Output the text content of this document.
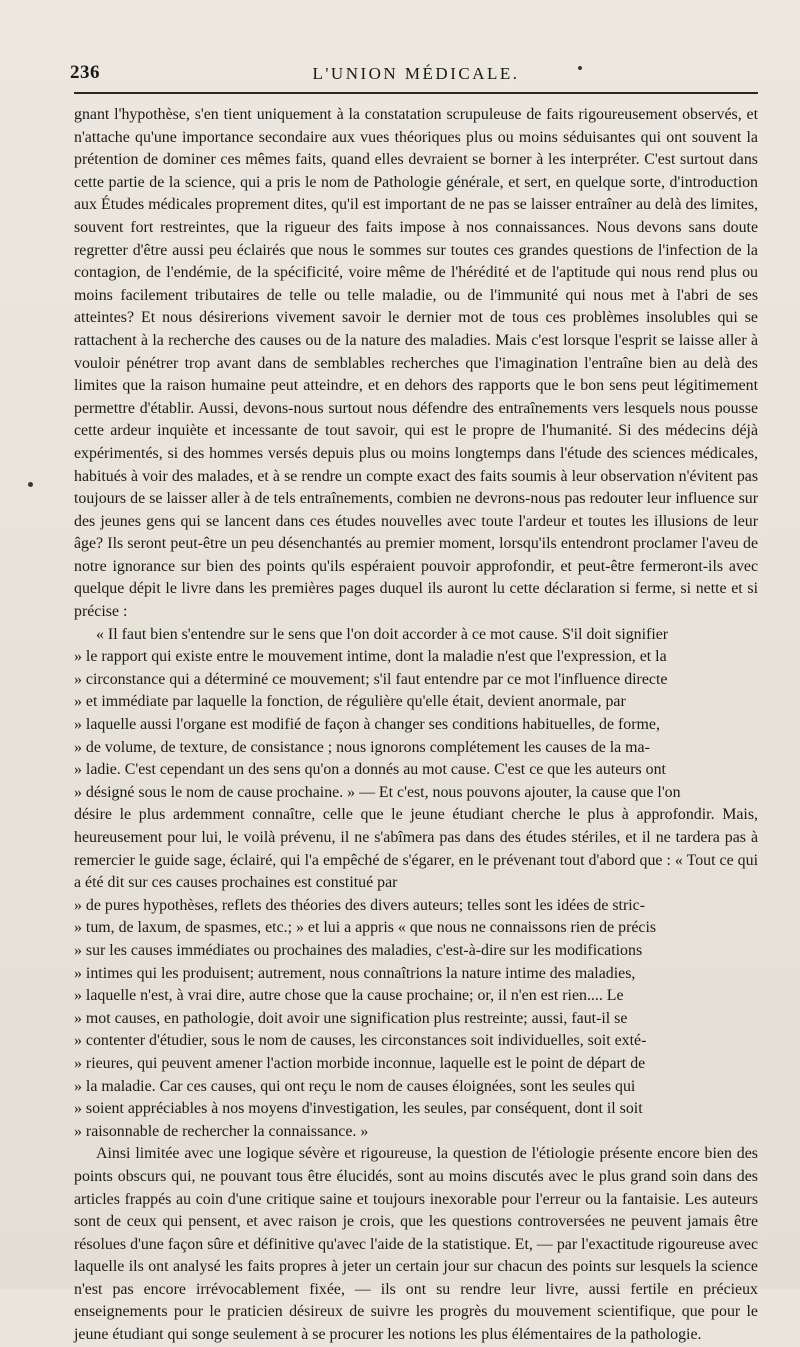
236	L'UNION MÉDICALE.

gnant l'hypothèse, s'en tient uniquement à la constatation scrupuleuse de faits rigoureusement observés, et n'attache qu'une importance secondaire aux vues théoriques plus ou moins séduisantes qui ont souvent la prétention de dominer ces mêmes faits, quand elles devraient se borner à les interpréter. C'est surtout dans cette partie de la science, qui a pris le nom de Pathologie générale, et sert, en quelque sorte, d'introduction aux Études médicales proprement dites, qu'il est important de ne pas se laisser entraîner au delà des limites, souvent fort restreintes, que la rigueur des faits impose à nos connaissances. Nous devons sans doute regretter d'être aussi peu éclairés que nous le sommes sur toutes ces grandes questions de l'infection de la contagion, de l'endémie, de la spécificité, voire même de l'hérédité et de l'aptitude qui nous rend plus ou moins facilement tributaires de telle ou telle maladie, ou de l'immunité qui nous met à l'abri de ses atteintes? Et nous désirerions vivement savoir le dernier mot de tous ces problèmes insolubles qui se rattachent à la recherche des causes ou de la nature des maladies. Mais c'est lorsque l'esprit se laisse aller à vouloir pénétrer trop avant dans de semblables recherches que l'imagination l'entraîne bien au delà des limites que la raison humaine peut atteindre, et en dehors des rapports que le bon sens peut légitimement permettre d'établir. Aussi, devons-nous surtout nous défendre des entraînements vers lesquels nous pousse cette ardeur inquiète et incessante de tout savoir, qui est le propre de l'humanité. Si des médecins déjà expérimentés, si des hommes versés depuis plus ou moins longtemps dans l'étude des sciences médicales, habitués à voir des malades, et à se rendre un compte exact des faits soumis à leur observation n'évitent pas toujours de se laisser aller à de tels entraînements, combien ne devrons-nous pas redouter leur influence sur des jeunes gens qui se lancent dans ces études nouvelles avec toute l'ardeur et toutes les illusions de leur âge? Ils seront peut-être un peu désenchantés au premier moment, lorsqu'ils entendront proclamer l'aveu de notre ignorance sur bien des points qu'ils espéraient pouvoir approfondir, et peut-être fermeront-ils avec quelque dépit le livre dans les premières pages duquel ils auront lu cette déclaration si ferme, si nette et si précise :

« Il faut bien s'entendre sur le sens que l'on doit accorder à ce mot cause. S'il doit signifier
» le rapport qui existe entre le mouvement intime, dont la maladie n'est que l'expression, et la
» circonstance qui a déterminé ce mouvement; s'il faut entendre par ce mot l'influence directe
» et immédiate par laquelle la fonction, de régulière qu'elle était, devient anormale, par
» laquelle aussi l'organe est modifié de façon à changer ses conditions habituelles, de forme,
» de volume, de texture, de consistance ; nous ignorons complétement les causes de la ma-
» ladie. C'est cependant un des sens qu'on a donnés au mot cause. C'est ce que les auteurs ont
» désigné sous le nom de cause prochaine. » — Et c'est, nous pouvons ajouter, la cause que l'on

désire le plus ardemment connaître, celle que le jeune étudiant cherche le plus à approfondir. Mais, heureusement pour lui, le voilà prévenu, il ne s'abîmera pas dans des études stériles, et il ne tardera pas à remercier le guide sage, éclairé, qui l'a empêché de s'égarer, en le prévenant tout d'abord que : « Tout ce qui a été dit sur ces causes prochaines est constitué par

» de pures hypothèses, reflets des théories des divers auteurs; telles sont les idées de stric-
» tum, de laxum, de spasmes, etc.; » et lui a appris « que nous ne connaissons rien de précis
» sur les causes immédiates ou prochaines des maladies, c'est-à-dire sur les modifications
» intimes qui les produisent; autrement, nous connaîtrions la nature intime des maladies,
» laquelle n'est, à vrai dire, autre chose que la cause prochaine; or, il n'en est rien.... Le
» mot causes, en pathologie, doit avoir une signification plus restreinte; aussi, faut-il se
» contenter d'étudier, sous le nom de causes, les circonstances soit individuelles, soit exté-
» rieures, qui peuvent amener l'action morbide inconnue, laquelle est le point de départ de
» la maladie. Car ces causes, qui ont reçu le nom de causes éloignées, sont les seules qui
» soient appréciables à nos moyens d'investigation, les seules, par conséquent, dont il soit
» raisonnable de rechercher la connaissance. »

Ainsi limitée avec une logique sévère et rigoureuse, la question de l'étiologie présente encore bien des points obscurs qui, ne pouvant tous être élucidés, sont au moins discutés avec le plus grand soin dans des articles frappés au coin d'une critique saine et toujours inexorable pour l'erreur ou la fantaisie. Les auteurs sont de ceux qui pensent, et avec raison je crois, que les questions controversées ne peuvent jamais être résolues d'une façon sûre et définitive qu'avec l'aide de la statistique. Et, — par l'exactitude rigoureuse avec laquelle ils ont analysé les faits propres à jeter un certain jour sur chacun des points sur lesquels la science n'est pas encore irrévocablement fixée, — ils ont su rendre leur livre, aussi fertile en précieux enseignements pour le praticien désireux de suivre les progrès du mouvement scientifique, que pour le jeune étudiant qui songe seulement à se procurer les notions les plus élémentaires de la pathologie.
